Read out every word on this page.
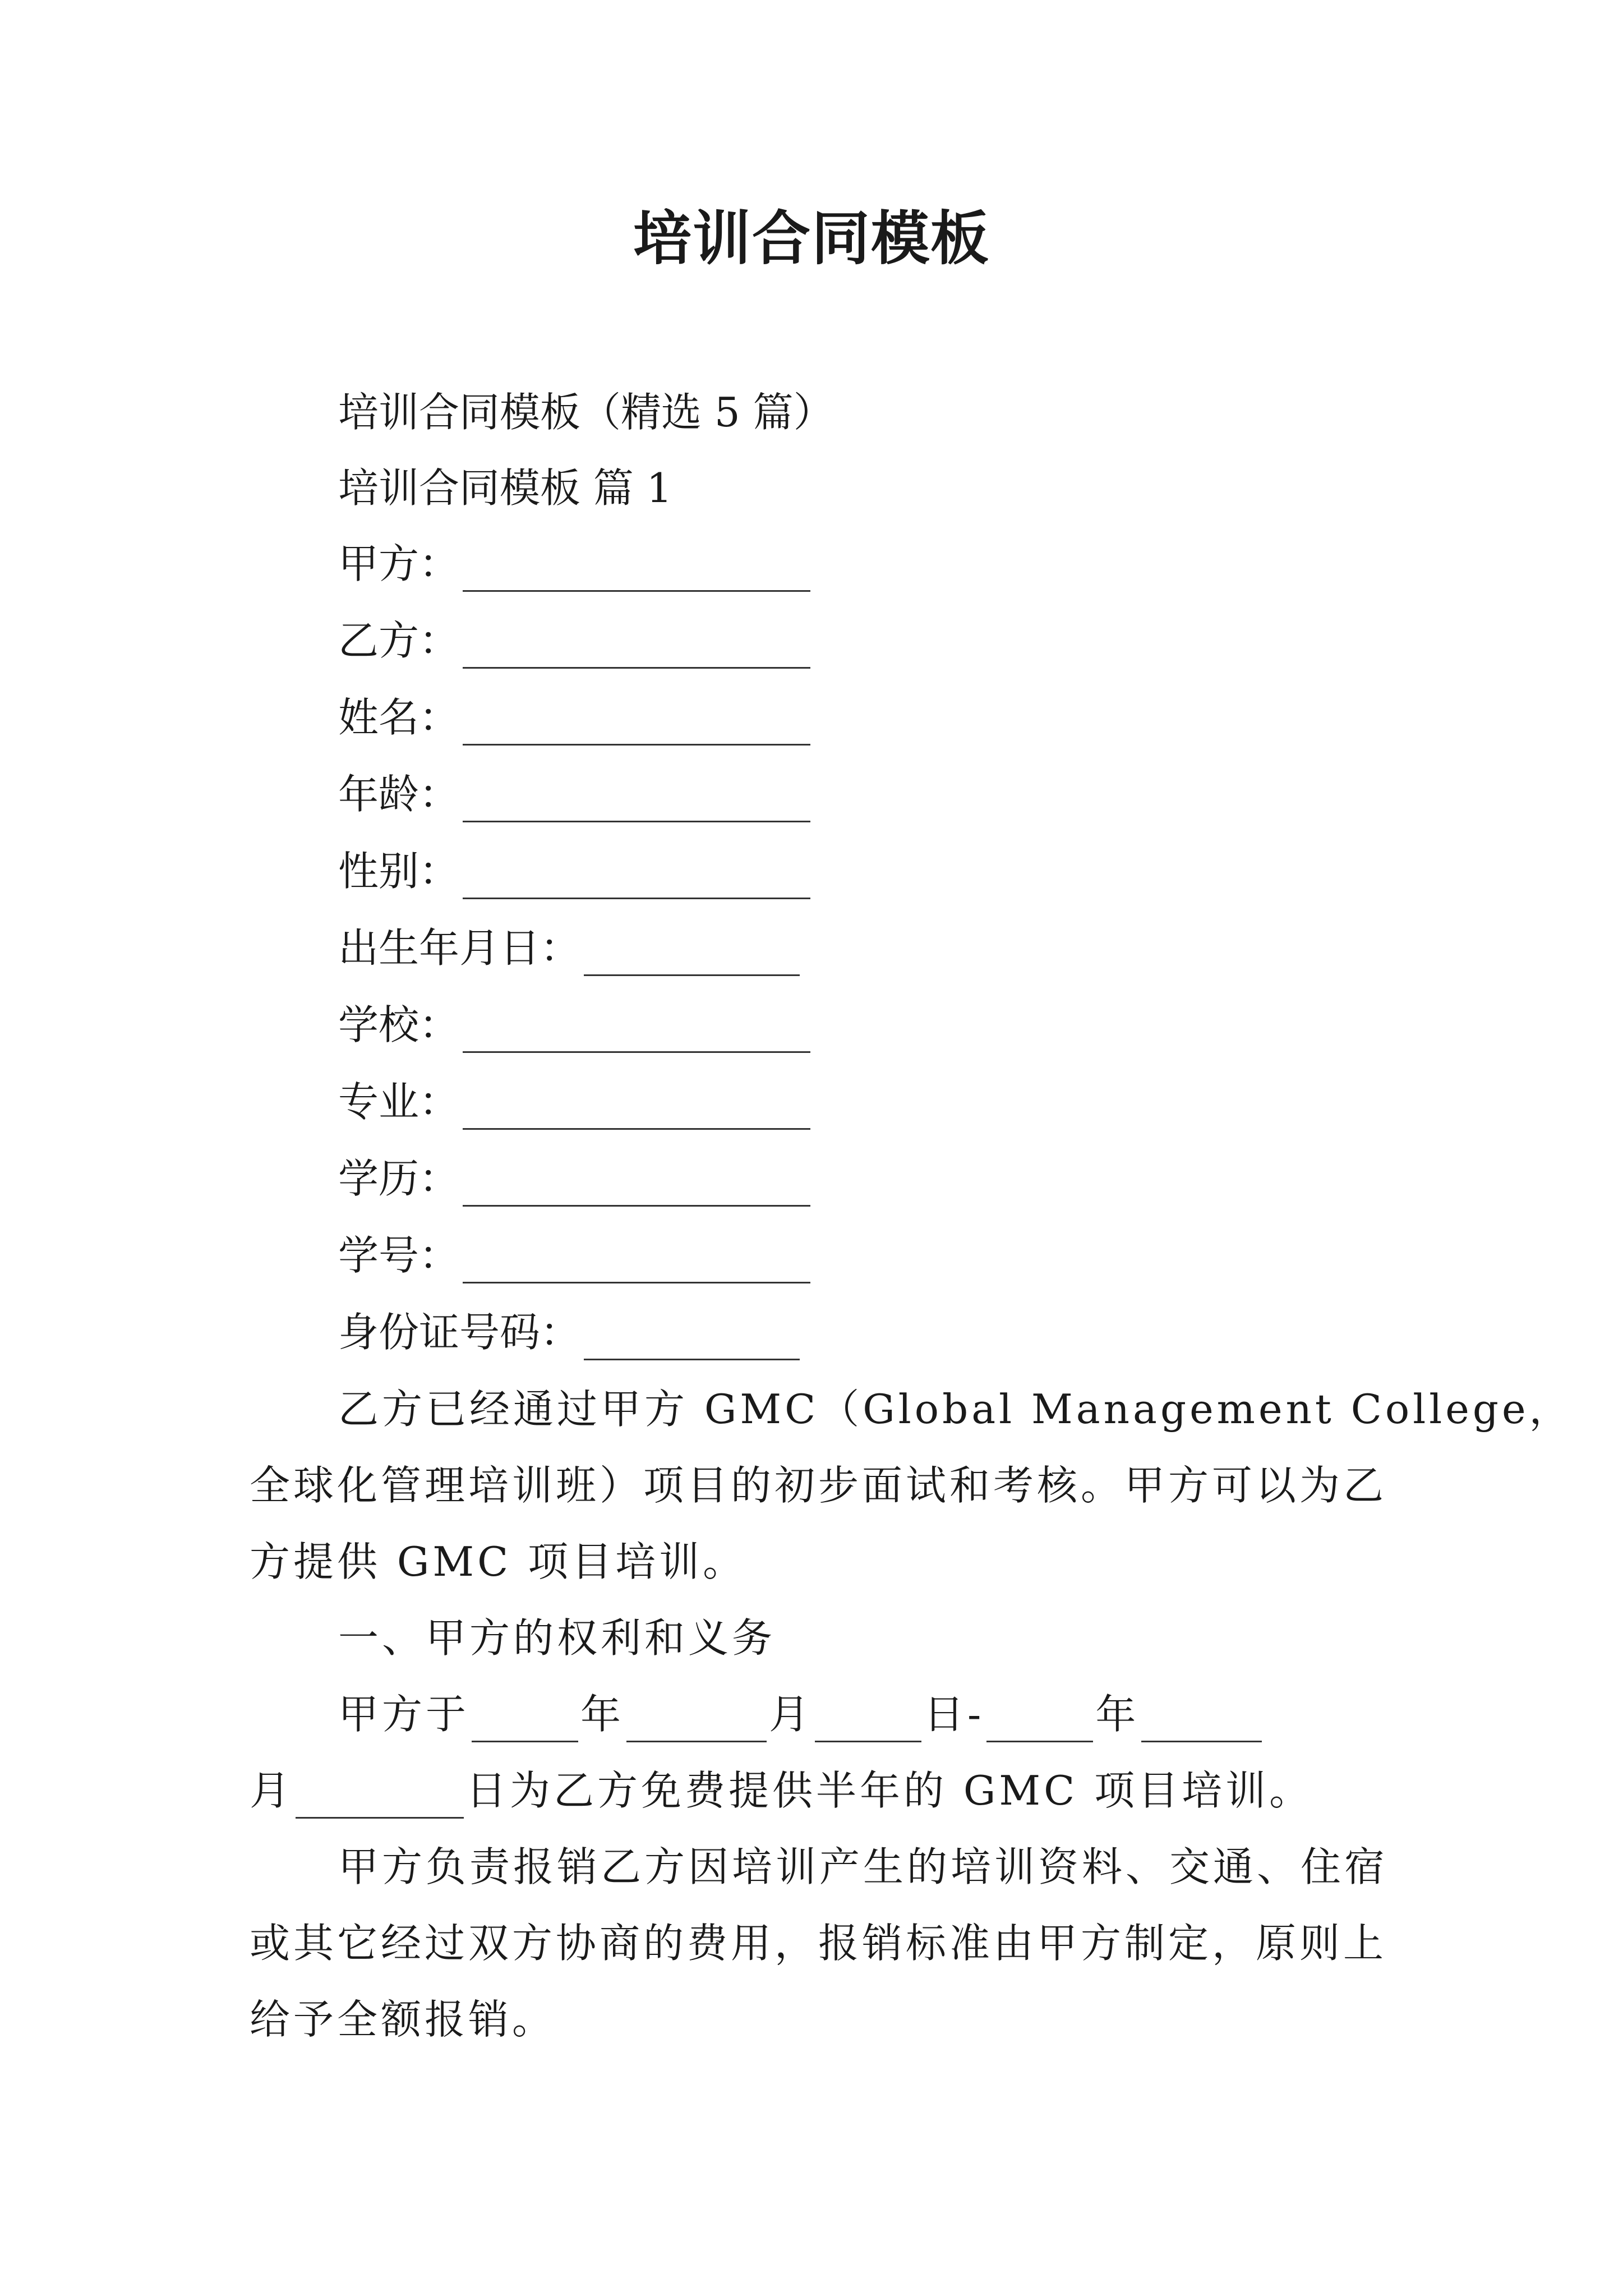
培训合同模板
培训合同模板（精选 5 篇）
培训合同模板 篇 1
甲方：
乙方：
姓名：
年龄：
性别：
出生年月日：
学校：
专业：
学历：
学号：
身份证号码：
乙方已经通过甲方 GMC（Global Management College，
全球化管理培训班）项目的初步面试和考核。甲方可以为乙
方提供 GMC 项目培训。
一、甲方的权利和义务
甲方于	年	月	日-	年
月	日为乙方免费提供半年的 GMC 项目培训。
甲方负责报销乙方因培训产生的培训资料、交通、住宿
或其它经过双方协商的费用，报销标准由甲方制定，原则上
给予全额报销。
